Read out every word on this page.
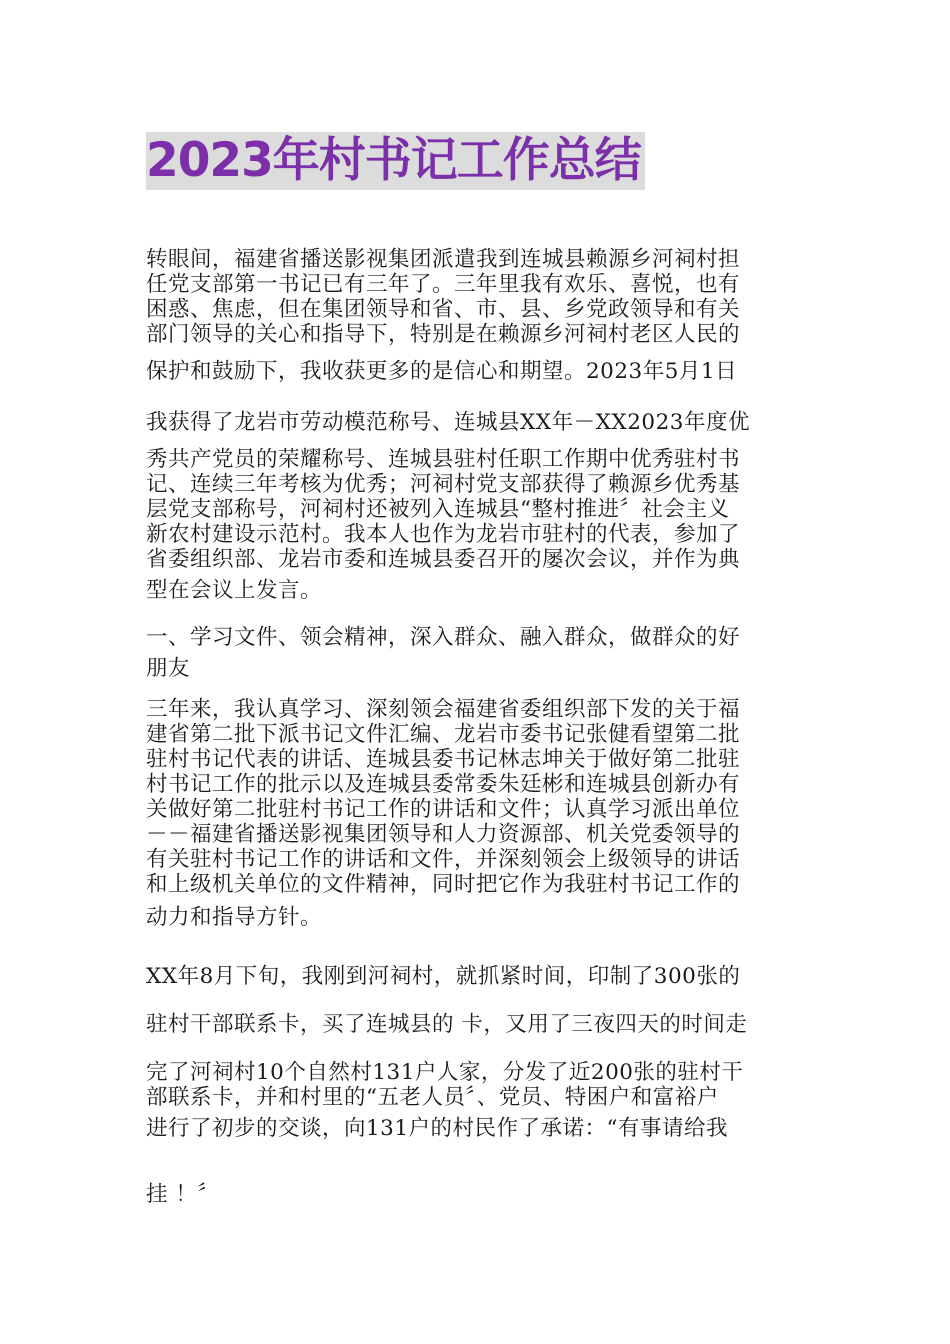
2023年村书记工作总结
转眼间，福建省播送影视集团派遣我到连城县赖源乡河祠村担
任党支部第一书记已有三年了。三年里我有欢乐、喜悦，也有
困惑、焦虑，但在集团领导和省、市、县、乡党政领导和有关
部门领导的关心和指导下，特别是在赖源乡河祠村老区人民的
保护和鼓励下，我收获更多的是信心和期望。2023年5月1日
我获得了龙岩市劳动模范称号、连城县XX年－XX2023年度优
秀共产党员的荣耀称号、连城县驻村任职工作期中优秀驻村书
记、连续三年考核为优秀；河祠村党支部获得了赖源乡优秀基
层党支部称号，河祠村还被列入连城县“整村推进〞社会主义
新农村建设示范村。我本人也作为龙岩市驻村的代表，参加了
省委组织部、龙岩市委和连城县委召开的屡次会议，并作为典
型在会议上发言。
一、学习文件、领会精神，深入群众、融入群众，做群众的好
朋友
三年来，我认真学习、深刻领会福建省委组织部下发的关于福
建省第二批下派书记文件汇编、龙岩市委书记张健看望第二批
驻村书记代表的讲话、连城县委书记林志坤关于做好第二批驻
村书记工作的批示以及连城县委常委朱廷彬和连城县创新办有
关做好第二批驻村书记工作的讲话和文件；认真学习派出单位
－－福建省播送影视集团领导和人力资源部、机关党委领导的
有关驻村书记工作的讲话和文件，并深刻领会上级领导的讲话
和上级机关单位的文件精神，同时把它作为我驻村书记工作的
动力和指导方针。
XX年8月下旬，我刚到河祠村，就抓紧时间，印制了300张的
驻村干部联系卡，买了连城县的 卡，又用了三夜四天的时间走
完了河祠村10个自然村131户人家，分发了近200张的驻村干
部联系卡，并和村里的“五老人员〞、党员、特困户和富裕户
进行了初步的交谈，向131户的村民作了承诺：“有事请给我
挂 ！〞
